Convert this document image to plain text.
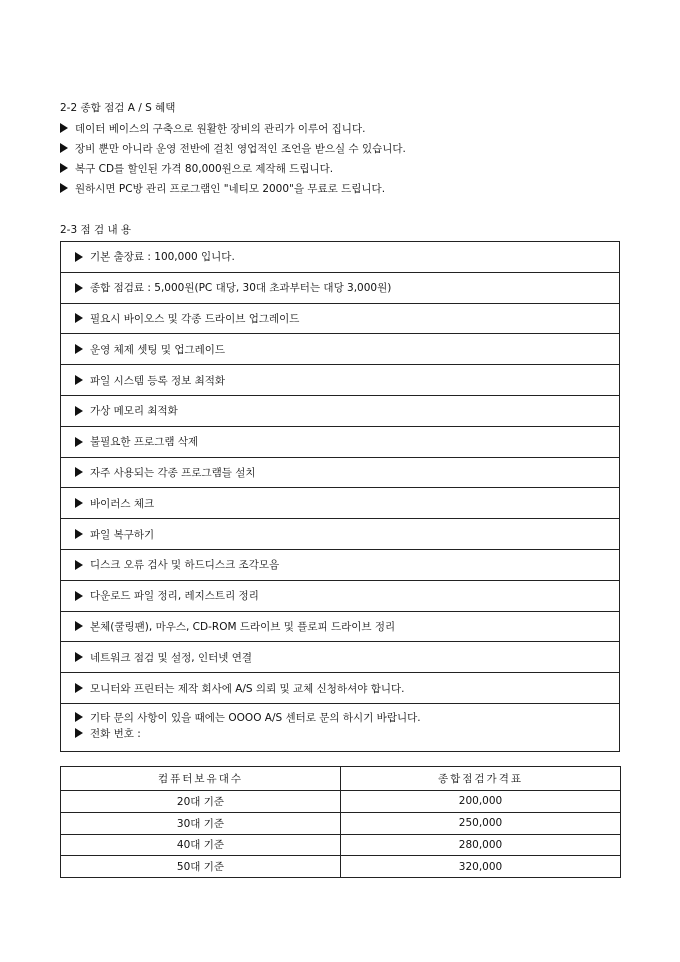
2-2 종합 점검 A / S 혜택
데이터 베이스의 구축으로 원활한 장비의 관리가 이루어 집니다.
장비 뿐만 아니라 운영 전반에 걸친 영업적인 조언을 받으실 수 있습니다.
복구 CD를 할인된 가격 80,000원으로 제작해 드립니다.
원하시면 PC방 관리 프로그램인 "네티모 2000"을 무료로 드립니다.
2-3 점 검 내 용
기본 출장료 : 100,000 입니다.
종합 점검료 : 5,000원(PC 대당, 30대 초과부터는 대당 3,000원)
필요시 바이오스 및 각종 드라이브 업그레이드
운영 체제 셋팅 및 업그레이드
파일 시스템 등록 정보 최적화
가상 메모리 최적화
불필요한 프로그램 삭제
자주 사용되는 각종 프로그램들 설치
바이러스 체크
파일 복구하기
디스크 오류 검사 및 하드디스크 조각모음
다운로드 파일 정리, 레지스트리 정리
본체(쿨링팬), 마우스, CD-ROM 드라이브 및 플로피 드라이브 정리
네트워크 점검 및 설정, 인터넷 연결
모니터와 프린터는 제작 회사에 A/S 의뢰 및 교체 신청하셔야 합니다.
기타 문의 사항이 있을 때에는 OOOO A/S 센터로 문의 하시기 바랍니다.
전화 번호 :
컴퓨터보유대수	종합점검가격표
20대 기준	200,000
30대 기준	250,000
40대 기준	280,000
50대 기준	320,000
